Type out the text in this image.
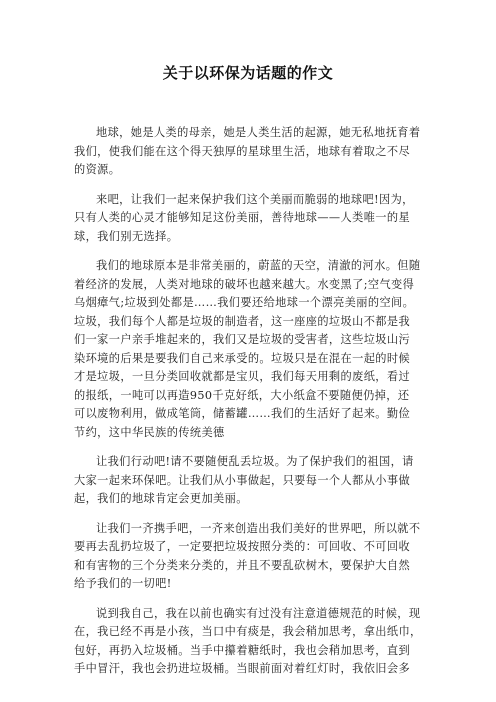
关于以环保为话题的作文

地球，她是人类的母亲，她是人类生活的起源，她无私地抚育着
我们，使我们能在这个得天独厚的星球里生活，地球有着取之不尽
的资源。

来吧，让我们一起来保护我们这个美丽而脆弱的地球吧!因为，
只有人类的心灵才能够知足这份美丽，善待地球——人类唯一的星
球，我们别无选择。

我们的地球原本是非常美丽的，蔚蓝的天空，清澈的河水。但随
着经济的发展，人类对地球的破坏也越来越大。水变黑了;空气变得
乌烟瘴气;垃圾到处都是……我们要还给地球一个漂亮美丽的空间。
垃圾，我们每个人都是垃圾的制造者，这一座座的垃圾山不都是我
们一家一户亲手堆起来的，我们又是垃圾的受害者，这些垃圾山污
染环境的后果是要我们自己来承受的。垃圾只是在混在一起的时候
才是垃圾，一旦分类回收就都是宝贝，我们每天用剩的废纸，看过
的报纸，一吨可以再造950千克好纸，大小纸盒不要随便仍掉，还
可以废物利用，做成笔筒，储蓄罐……我们的生活好了起来。勤俭
节约，这中华民族的传统美德

让我们行动吧!请不要随便乱丢垃圾。为了保护我们的祖国，请
大家一起来环保吧。让我们从小事做起，只要每一个人都从小事做
起，我们的地球肯定会更加美丽。

让我们一齐携手吧，一齐来创造出我们美好的世界吧，所以就不
要再去乱扔垃圾了，一定要把垃圾按照分类的：可回收、不可回收
和有害物的三个分类来分类的，并且不要乱砍树木，要保护大自然
给予我们的一切吧!

说到我自己，我在以前也确实有过没有注意道德规范的时候，现
在，我已经不再是小孩，当口中有痰是，我会稍加思考，拿出纸巾，
包好，再扔入垃圾桶。当手中攥着糖纸时，我也会稍加思考，直到
手中冒汗，我也会扔进垃圾桶。当眼前面对着红灯时，我依旧会多
